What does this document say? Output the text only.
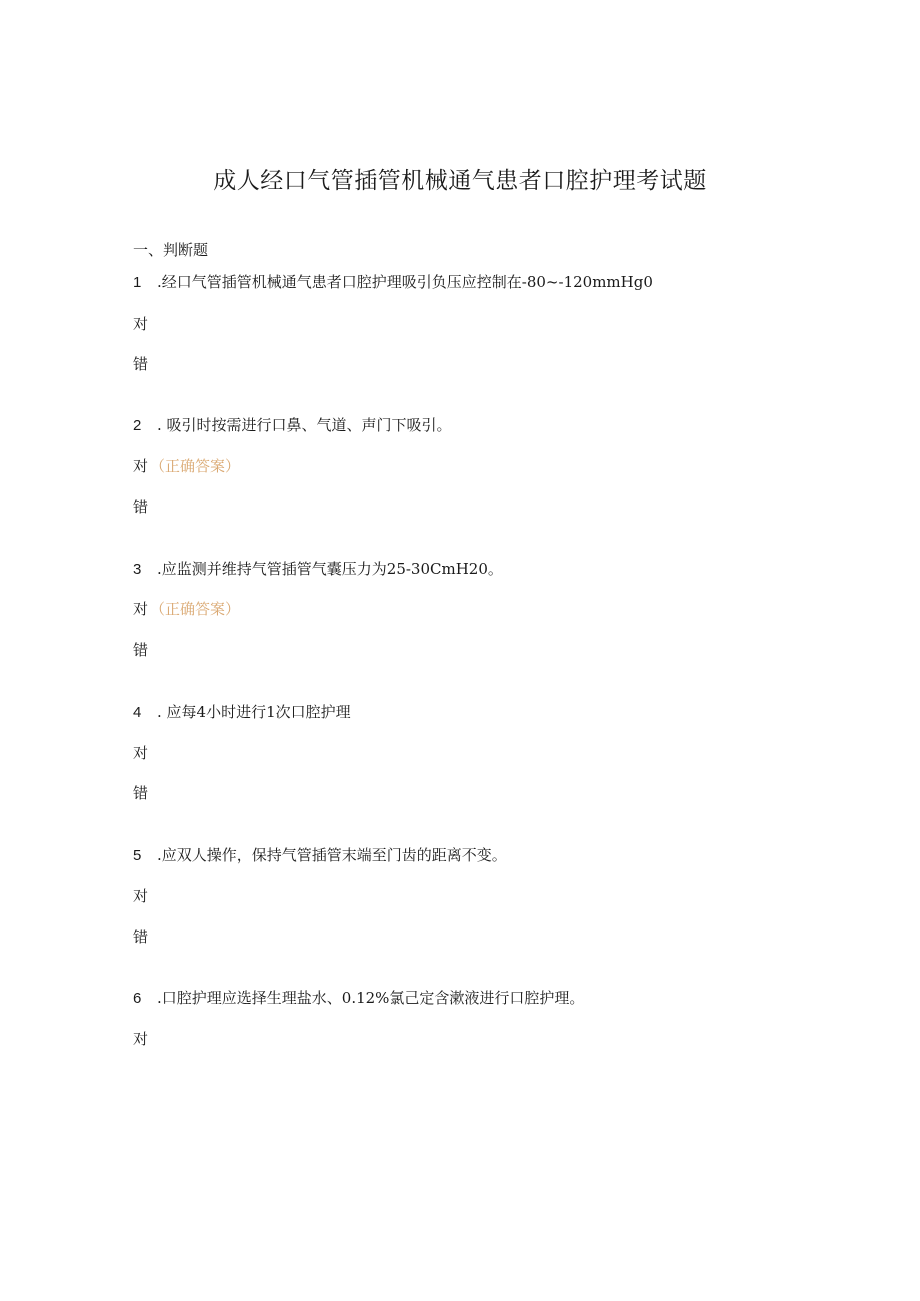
成人经口气管插管机械通气患者口腔护理考试题
一、判断题
1 .经口气管插管机械通气患者口腔护理吸引负压应控制在-80~-120mmHg0
对
错
2 . 吸引时按需进行口鼻、气道、声门下吸引。
对 （正确答案）
错
3 .应监测并维持气管插管气囊压力为25-30CmH20。
对 （正确答案）
错
4 . 应每4小时进行1次口腔护理
对
错
5 .应双人操作，保持气管插管末端至门齿的距离不变。
对
错
6 .口腔护理应选择生理盐水、0.12%氯己定含漱液进行口腔护理。
对
